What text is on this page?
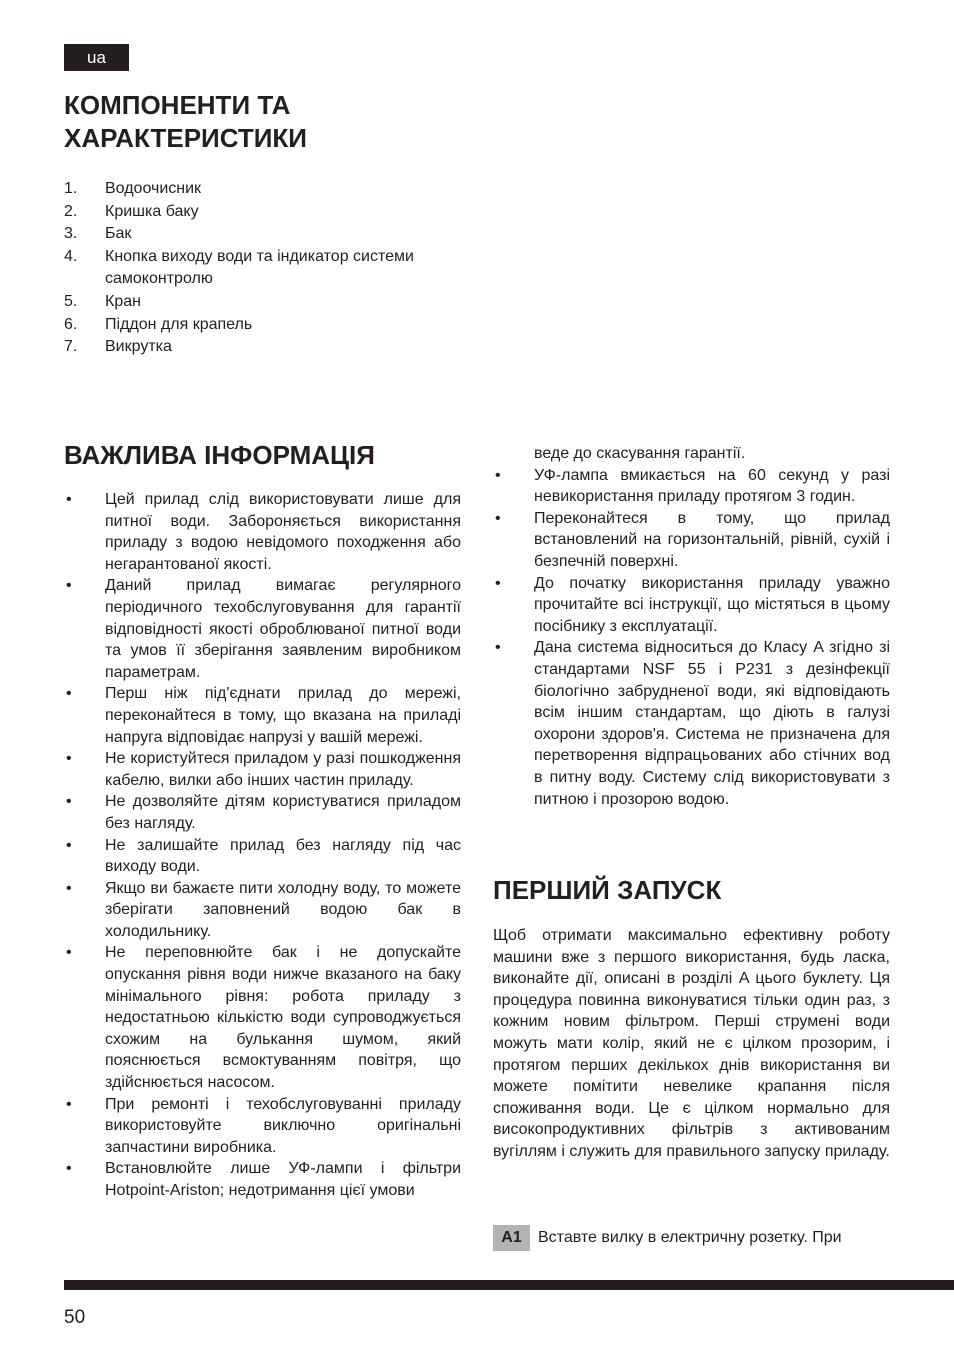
ua
КОМПОНЕНТИ ТА
ХАРАКТЕРИСТИКИ
1.	Водоочисник
2.	Кришка баку
3.	Бак
4.	Кнопка виходу води та індикатор системи самоконтролю
5.	Кран
6.	Піддон для крапель
7.	Викрутка
ВАЖЛИВА ІНФОРМАЦІЯ
•	Цей прилад слід використовувати лише для питної води. Забороняється використання приладу з водою невідомого походження або негарантованої якості.
•	Даний прилад вимагає регулярного періодичного техобслуговування для гарантії відповідності якості оброблюваної питної води та умов її зберігання заявленим виробником параметрам.
•	Перш ніж під'єднати прилад до мережі, переконайтеся в тому, що вказана на приладі напруга відповідає напрузі у вашій мережі.
•	Не користуйтеся приладом у разі пошкодження кабелю, вилки або інших частин приладу.
•	Не дозволяйте дітям користуватися приладом без нагляду.
•	Не залишайте прилад без нагляду під час виходу води.
•	Якщо ви бажаєте пити холодну воду, то можете зберігати заповнений водою бак в холодильнику.
•	Не переповнюйте бак і не допускайте опускання рівня води нижче вказаного на баку мінімального рівня: робота приладу з недостатньою кількістю води супроводжується схожим на булькання шумом, який пояснюється всмоктуванням повітря, що здійснюється насосом.
•	При ремонті і техобслуговуванні приладу використовуйте виключно оригінальні запчастини виробника.
•	Встановлюйте лише УФ-лампи і фільтри Hotpoint-Ariston; недотримання цієї умови
веде до скасування гарантії.
•	УФ-лампа вмикається на 60 секунд у разі невикористання приладу протягом 3 годин.
•	Переконайтеся в тому, що прилад встановлений на горизонтальній, рівній, сухій і безпечній поверхні.
•	До початку використання приладу уважно прочитайте всі інструкції, що містяться в цьому посібнику з експлуатації.
•	Дана система відноситься до Класу A згідно зі стандартами NSF 55 і P231 з дезінфекції біологічно забрудненої води, які відповідають всім іншим стандартам, що діють в галузі охорони здоров'я. Система не призначена для перетворення відпрацьованих або стічних вод в питну воду. Систему слід використовувати з питною і прозорою водою.
ПЕРШИЙ ЗАПУСК

Щоб отримати максимально ефективну роботу машини вже з першого використання, будь ласка, виконайте дії, описані в розділі A цього буклету. Ця процедура повинна виконуватися тільки один раз, з кожним новим фільтром. Перші струмені води можуть мати колір, який не є цілком прозорим, і протягом перших декількох днів використання ви можете помітити невелике крапання після споживання води. Це є цілком нормально для високопродуктивних фільтрів з активованим вугіллям і служить для правильного запуску приладу.

A1	Вставте вилку в електричну розетку. При
50
